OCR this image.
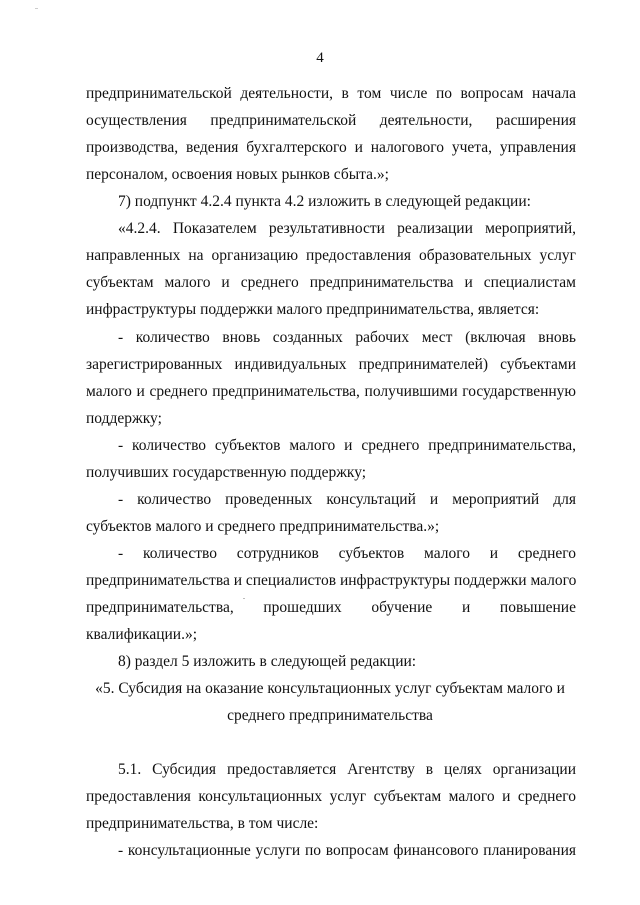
4
предпринимательской деятельности, в том числе по вопросам начала
осуществления предпринимательской деятельности, расширения
производства, ведения бухгалтерского и налогового учета, управления
персоналом, освоения новых рынков сбыта.»;
7) подпункт 4.2.4 пункта 4.2 изложить в следующей редакции:
«4.2.4. Показателем результативности реализации мероприятий,
направленных на организацию предоставления образовательных услуг
субъектам малого и среднего предпринимательства и специалистам
инфраструктуры поддержки малого предпринимательства, является:
- количество вновь созданных рабочих мест (включая вновь
зарегистрированных индивидуальных предпринимателей) субъектами
малого и среднего предпринимательства, получившими государственную
поддержку;
- количество субъектов малого и среднего предпринимательства,
получивших государственную поддержку;
- количество проведенных консультаций и мероприятий для
субъектов малого и среднего предпринимательства.»;
- количество сотрудников субъектов малого и среднего
предпринимательства и специалистов инфраструктуры поддержки малого
предпринимательства, прошедших обучение и повышение
квалификации.»;
8) раздел 5 изложить в следующей редакции:
«5. Субсидия на оказание консультационных услуг субъектам малого и
среднего предпринимательства
5.1. Субсидия предоставляется Агентству в целях организации
предоставления консультационных услуг субъектам малого и среднего
предпринимательства, в том числе:
- консультационные услуги по вопросам финансового планирования
